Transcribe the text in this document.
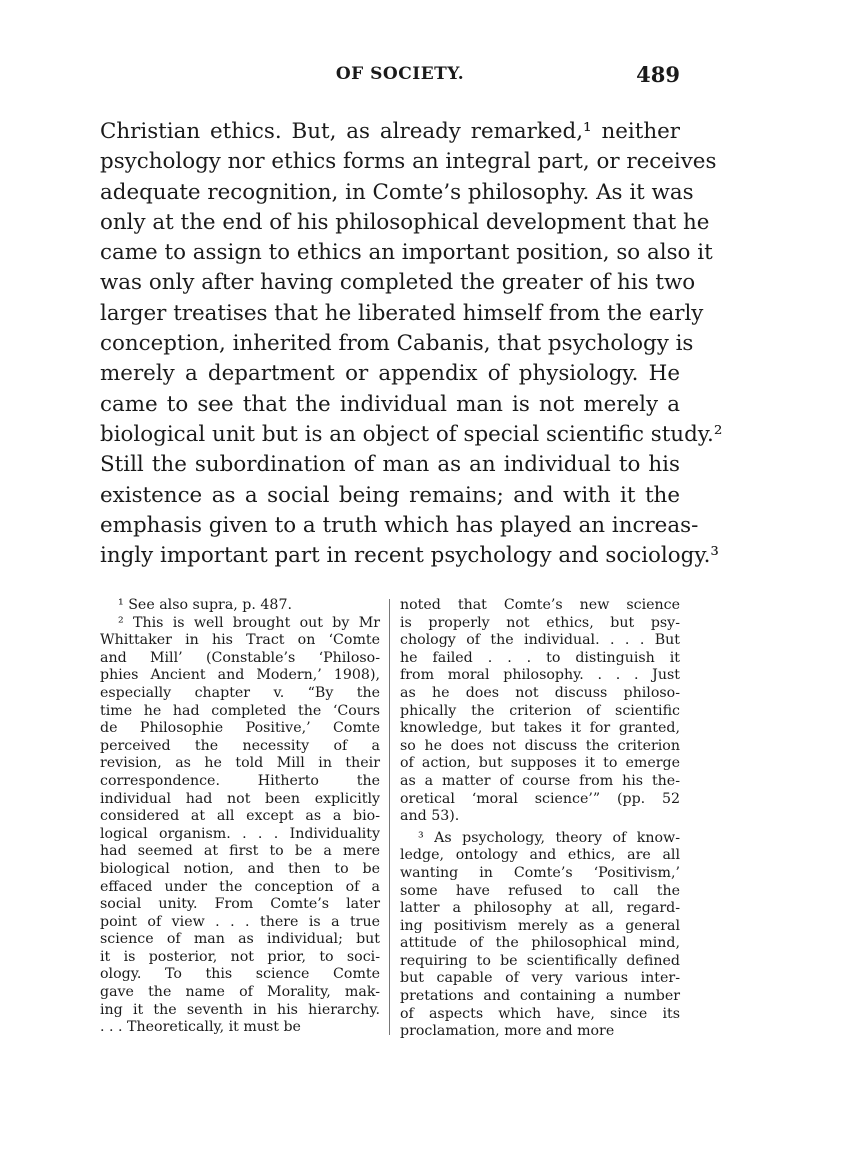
OF SOCIETY.	489
Christian ethics. But, as already remarked,¹ neither
psychology nor ethics forms an integral part, or receives
adequate recognition, in Comte’s philosophy. As it was
only at the end of his philosophical development that he
came to assign to ethics an important position, so also it
was only after having completed the greater of his two
larger treatises that he liberated himself from the early
conception, inherited from Cabanis, that psychology is
merely a department or appendix of physiology. He
came to see that the individual man is not merely a
biological unit but is an object of special scientific study.²
Still the subordination of man as an individual to his
existence as a social being remains; and with it the
emphasis given to a truth which has played an increas-
ingly important part in recent psychology and sociology.³
¹ See also supra, p. 487.
² This is well brought out by Mr
Whittaker in his Tract on ‘Comte
and Mill’ (Constable’s ‘Philoso-
phies Ancient and Modern,’ 1908),
especially chapter v. “By the
time he had completed the ‘Cours
de Philosophie Positive,’ Comte
perceived the necessity of a
revision, as he told Mill in their
correspondence. Hitherto the
individual had not been explicitly
considered at all except as a bio-
logical organism. . . . Individuality
had seemed at first to be a mere
biological notion, and then to be
effaced under the conception of a
social unity. From Comte’s later
point of view . . . there is a true
science of man as individual; but
it is posterior, not prior, to soci-
ology. To this science Comte
gave the name of Morality, mak-
ing it the seventh in his hierarchy.
. . . Theoretically, it must be
noted that Comte’s new science
is properly not ethics, but psy-
chology of the individual. . . . But
he failed . . . to distinguish it
from moral philosophy. . . . Just
as he does not discuss philoso-
phically the criterion of scientific
knowledge, but takes it for granted,
so he does not discuss the criterion
of action, but supposes it to emerge
as a matter of course from his the-
oretical ‘moral science’” (pp. 52
and 53).
³ As psychology, theory of know-
ledge, ontology and ethics, are all
wanting in Comte’s ‘Positivism,’
some have refused to call the
latter a philosophy at all, regard-
ing positivism merely as a general
attitude of the philosophical mind,
requiring to be scientifically defined
but capable of very various inter-
pretations and containing a number
of aspects which have, since its
proclamation, more and more
